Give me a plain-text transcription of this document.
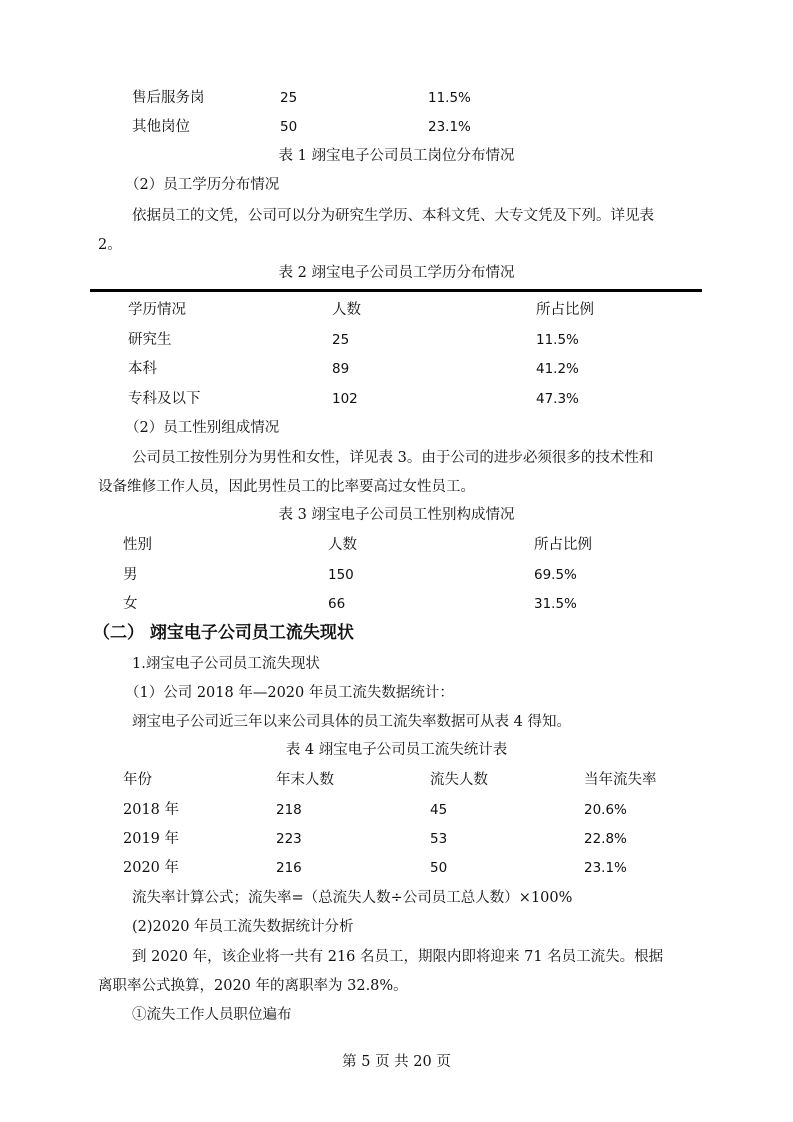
售后服务岗	25	11.5%
其他岗位	50	23.1%
表 1 翊宝电子公司员工岗位分布情况
（2）员工学历分布情况
依据员工的文凭，公司可以分为研究生学历、本科文凭、大专文凭及下列。详见表
2。
表 2 翊宝电子公司员工学历分布情况
学历情况	人数	所占比例
研究生	25	11.5%
本科	89	41.2%
专科及以下	102	47.3%
（2）员工性别组成情况
公司员工按性别分为男性和女性，详见表 3。由于公司的进步必须很多的技术性和
设备维修工作人员，因此男性员工的比率要高过女性员工。
表 3 翊宝电子公司员工性别构成情况
性别	人数	所占比例
男	150	69.5%
女	66	31.5%
（二） 翊宝电子公司员工流失现状
1.翊宝电子公司员工流失现状
（1）公司 2018 年—2020 年员工流失数据统计：
翊宝电子公司近三年以来公司具体的员工流失率数据可从表 4 得知。
表 4 翊宝电子公司员工流失统计表
年份	年末人数	流失人数	当年流失率
2018 年	218	45	20.6%
2019 年	223	53	22.8%
2020 年	216	50	23.1%
流失率计算公式；流失率=（总流失人数÷公司员工总人数）×100%
(2)2020 年员工流失数据统计分析
到 2020 年，该企业将一共有 216 名员工，期限内即将迎来 71 名员工流失。根据
离职率公式换算，2020 年的离职率为 32.8%。
①流失工作人员职位遍布
第 5 页 共 20 页
